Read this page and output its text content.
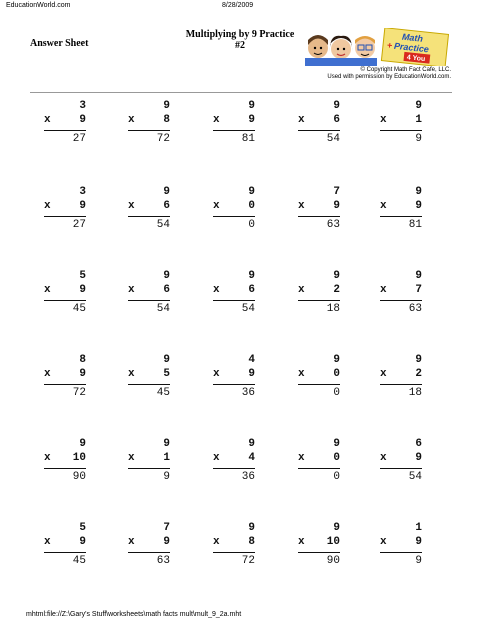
EducationWorld.com	8/28/2009
Answer Sheet
Multiplying by 9 Practice
#2
Math
+ Practice
4 You
© Copyright Math Fact Cafe, LLC.
Used with permission by EducationWorld.com.
3
x	9
27
9
x	8
72
9
x	9
81
9
x	6
54
9
x	1
9
3
x	9
27
9
x	6
54
9
x	0
0
7
x	9
63
9
x	9
81
5
x	9
45
9
x	6
54
9
x	6
54
9
x	2
18
9
x	7
63
8
x	9
72
9
x	5
45
4
x	9
36
9
x	0
0
9
x	2
18
9
x 10
90
9
x	1
9
9
x	4
36
9
x	0
0
6
x	9
54
5
x	9
45
7
x	9
63
9
x	8
72
9
x 10
90
1
x	9
9
mhtml:file://Z:\Gary's Stuff\worksheets\math facts mult\mult_9_2a.mht
